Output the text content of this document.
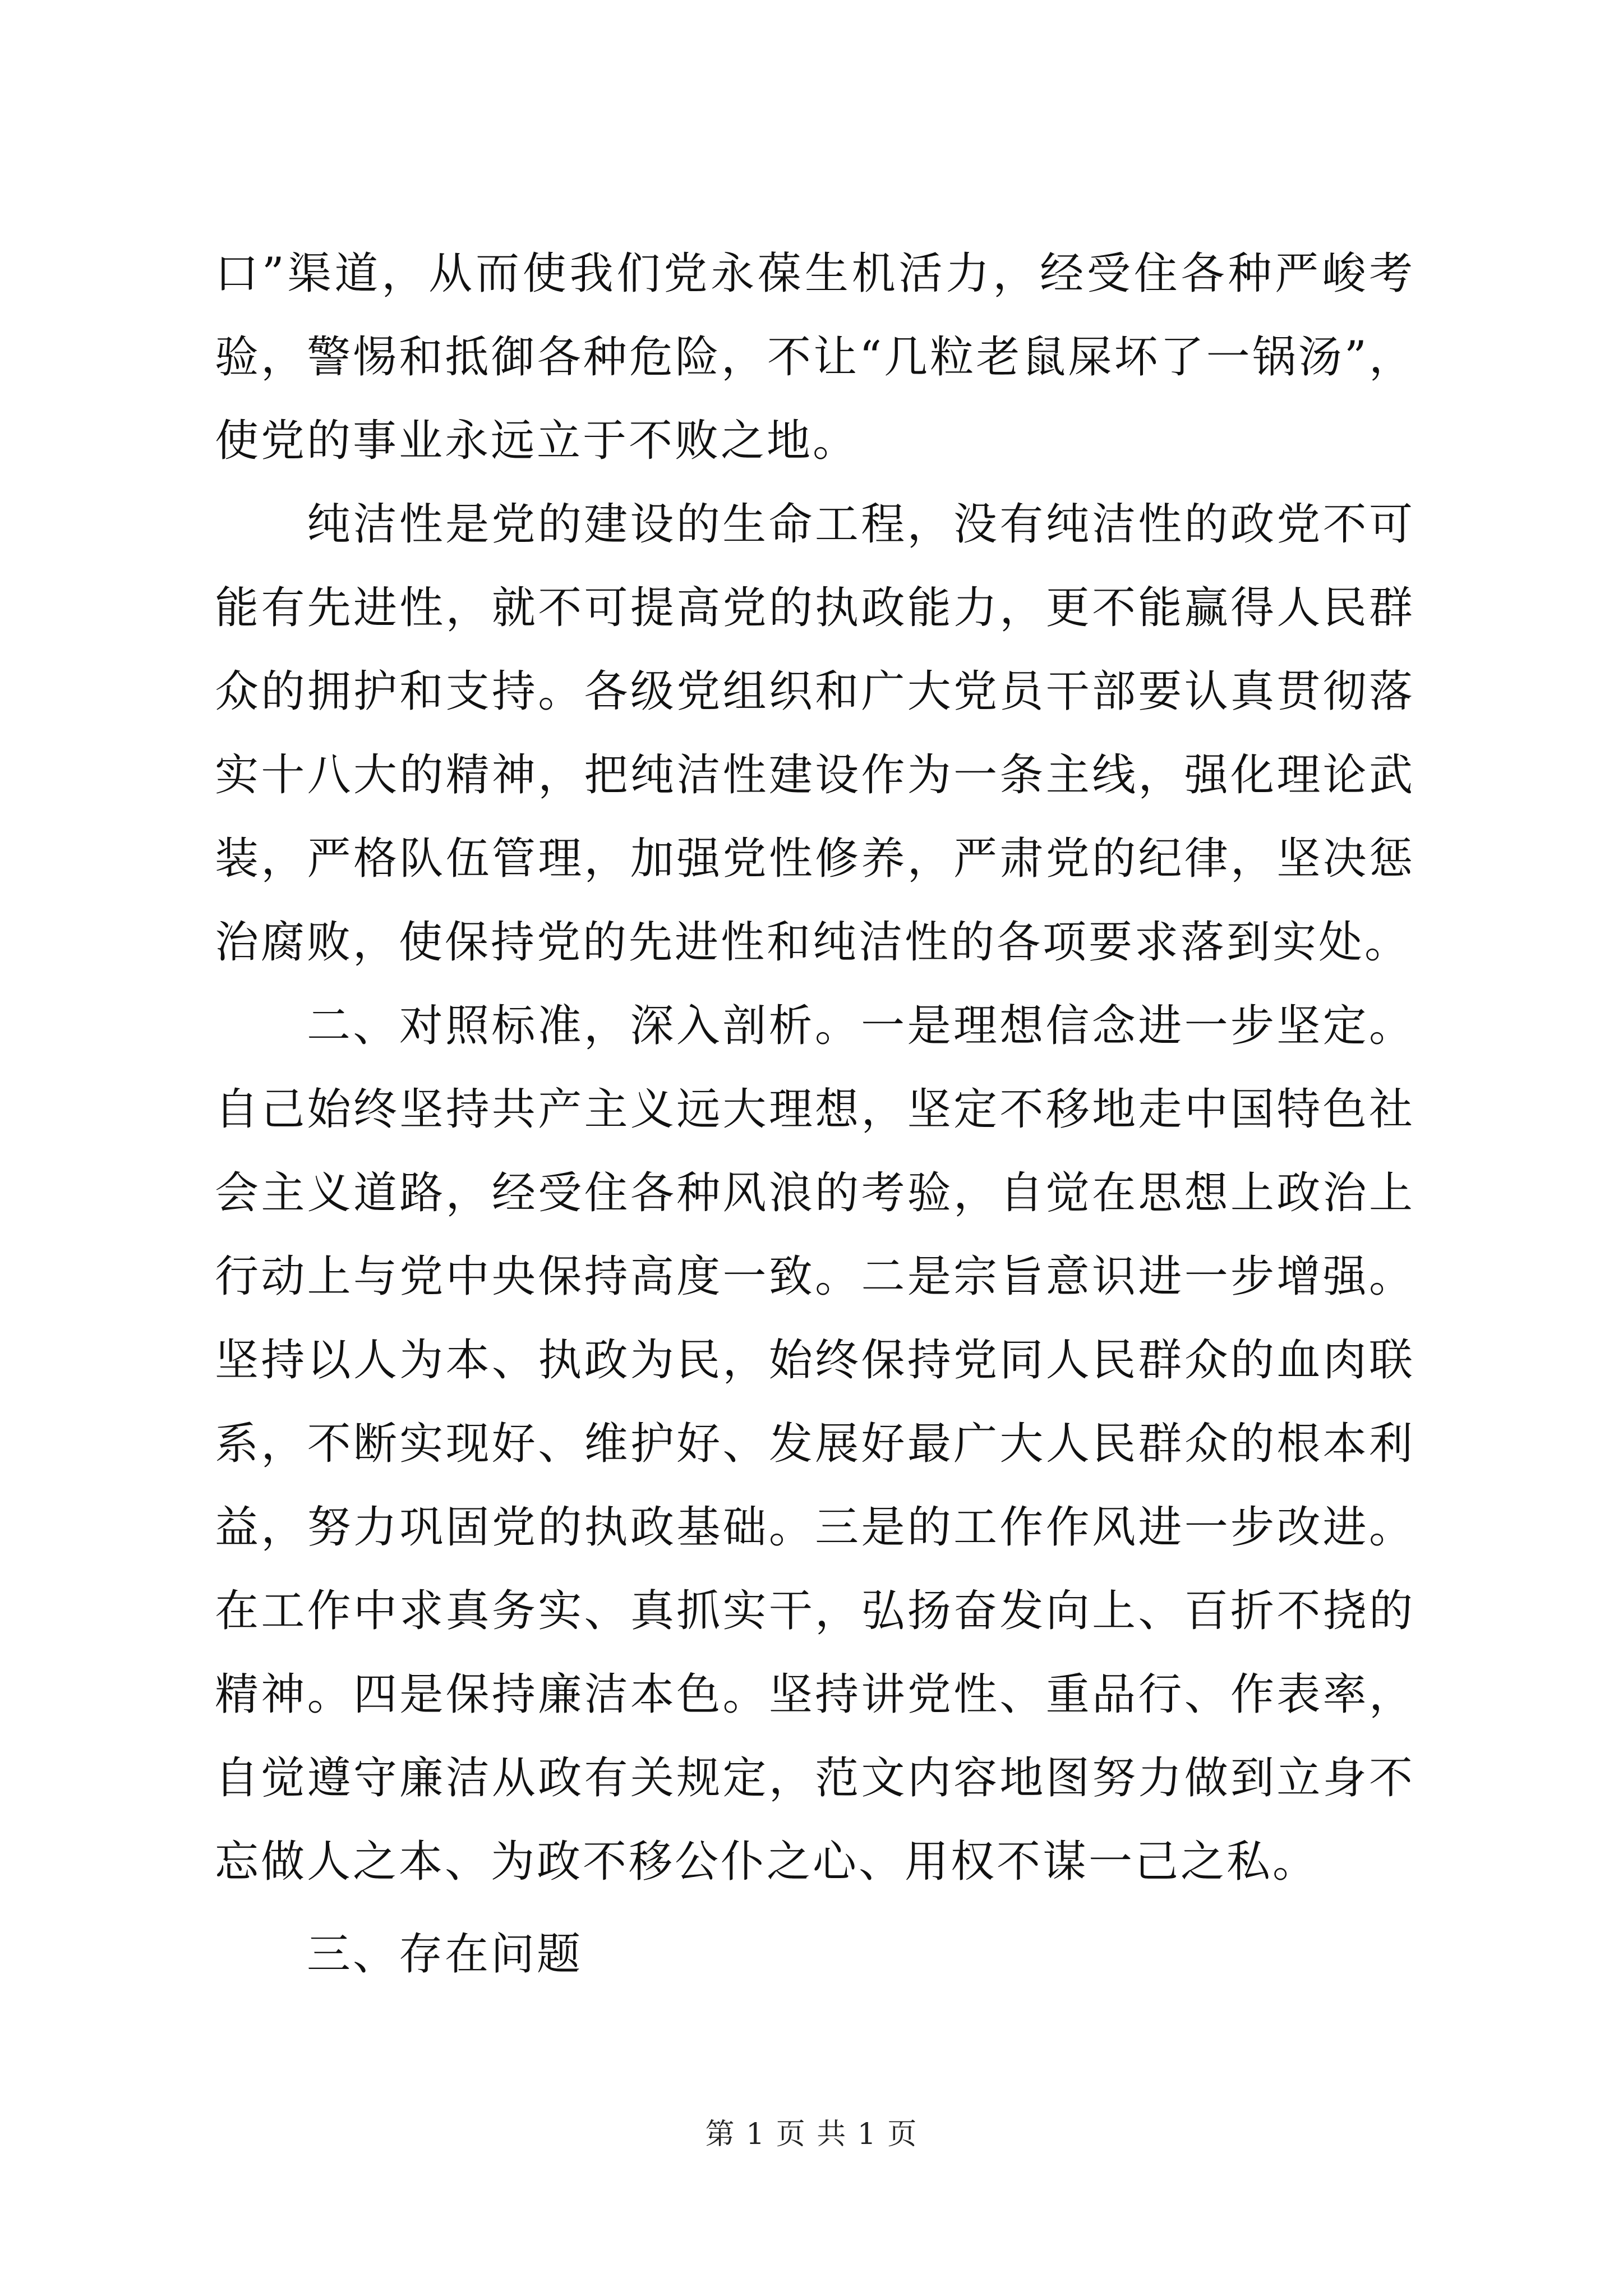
口”渠道，从而使我们党永葆生机活力，经受住各种严峻考验，警惕和抵御各种危险，不让“几粒老鼠屎坏了一锅汤”，使党的事业永远立于不败之地。

纯洁性是党的建设的生命工程，没有纯洁性的政党不可能有先进性，就不可提高党的执政能力，更不能赢得人民群众的拥护和支持。各级党组织和广大党员干部要认真贯彻落实十八大的精神，把纯洁性建设作为一条主线，强化理论武装，严格队伍管理，加强党性修养，严肃党的纪律，坚决惩治腐败，使保持党的先进性和纯洁性的各项要求落到实处。

二、对照标准，深入剖析。一是理想信念进一步坚定。自己始终坚持共产主义远大理想，坚定不移地走中国特色社会主义道路，经受住各种风浪的考验，自觉在思想上政治上行动上与党中央保持高度一致。二是宗旨意识进一步增强。坚持以人为本、执政为民，始终保持党同人民群众的血肉联系，不断实现好、维护好、发展好最广大人民群众的根本利益，努力巩固党的执政基础。三是的工作作风进一步改进。在工作中求真务实、真抓实干，弘扬奋发向上、百折不挠的精神。四是保持廉洁本色。坚持讲党性、重品行、作表率，自觉遵守廉洁从政有关规定，范文内容地图努力做到立身不忘做人之本、为政不移公仆之心、用权不谋一己之私。

三、存在问题

第 1 页 共 1 页
